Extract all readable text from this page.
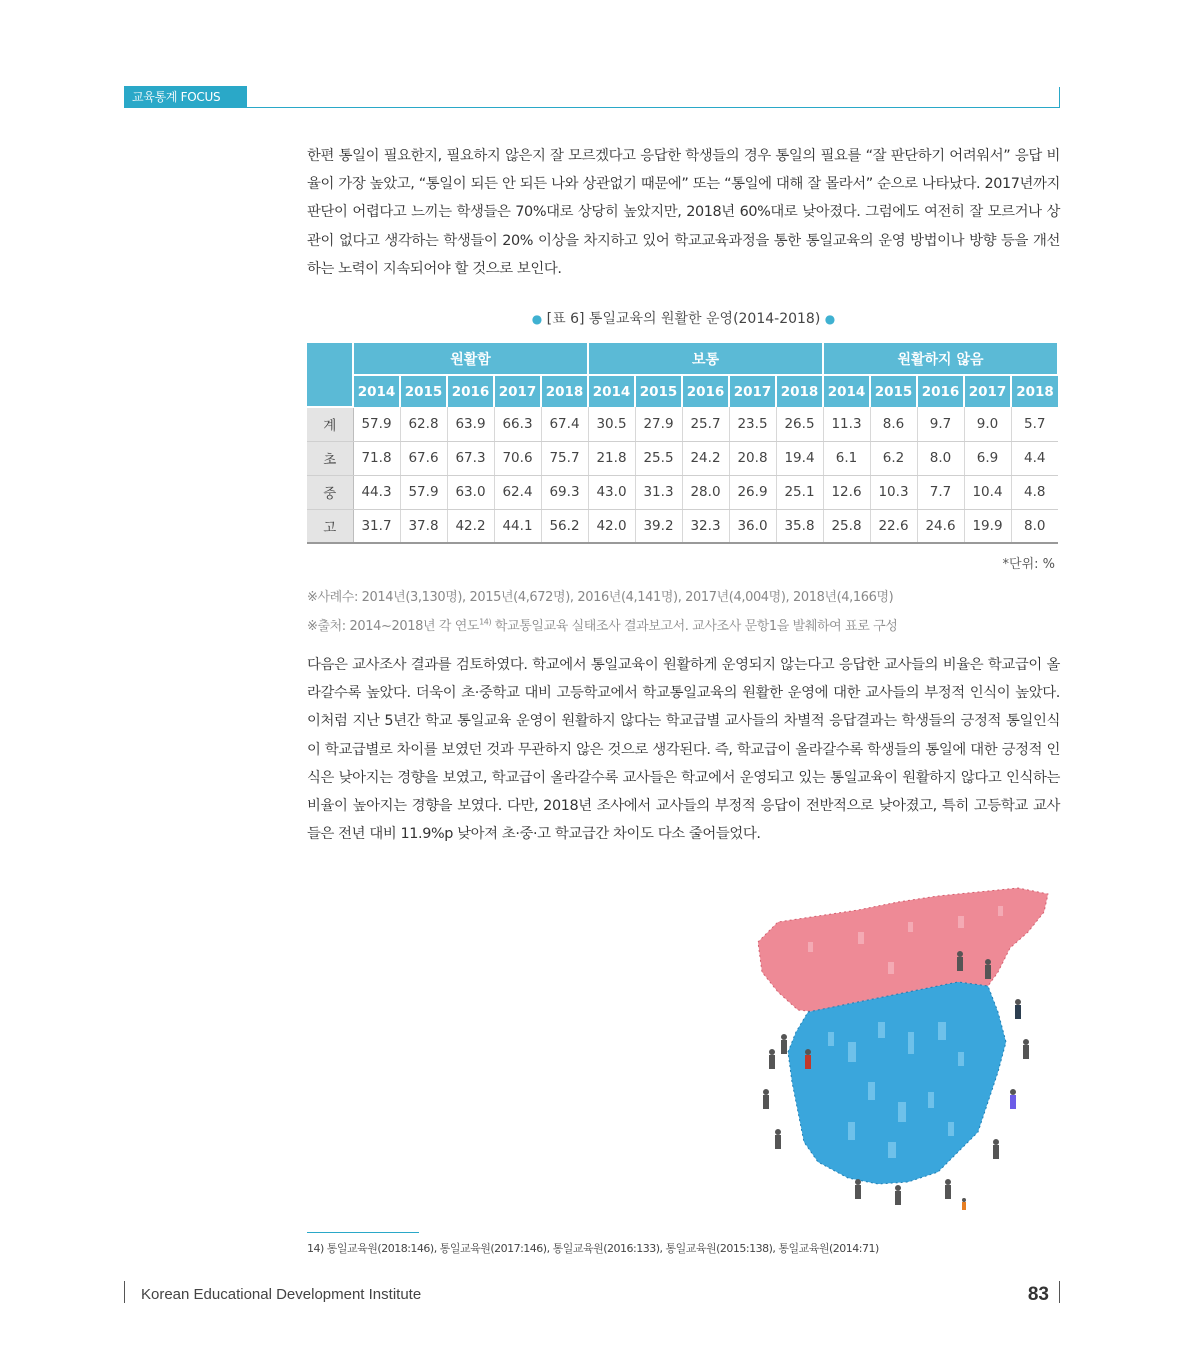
교육통계 FOCUS

한편 통일이 필요한지, 필요하지 않은지 잘 모르겠다고 응답한 학생들의 경우 통일의 필요를 “잘 판단하기 어려워서” 응답 비율이 가장 높았고, “통일이 되든 안 되든 나와 상관없기 때문에” 또는 “통일에 대해 잘 몰라서” 순으로 나타났다. 2017년까지 판단이 어렵다고 느끼는 학생들은 70%대로 상당히 높았지만, 2018년 60%대로 낮아졌다. 그럼에도 여전히 잘 모르거나 상관이 없다고 생각하는 학생들이 20% 이상을 차지하고 있어 학교교육과정을 통한 통일교육의 운영 방법이나 방향 등을 개선하는 노력이 지속되어야 할 것으로 보인다.

● [표 6] 통일교육의 원활한 운영(2014-2018) ●
	원활함					보통					원활하지 않음				
	2014	2015	2016	2017	2018	2014	2015	2016	2017	2018	2014	2015	2016	2017	2018
계	57.9	62.8	63.9	66.3	67.4	30.5	27.9	25.7	23.5	26.5	11.3	8.6	9.7	9.0	5.7
초	71.8	67.6	67.3	70.6	75.7	21.8	25.5	24.2	20.8	19.4	6.1	6.2	8.0	6.9	4.4
중	44.3	57.9	63.0	62.4	69.3	43.0	31.3	28.0	26.9	25.1	12.6	10.3	7.7	10.4	4.8
고	31.7	37.8	42.2	44.1	56.2	42.0	39.2	32.3	36.0	35.8	25.8	22.6	24.6	19.9	8.0
*단위: %
※사례수: 2014년(3,130명), 2015년(4,672명), 2016년(4,141명), 2017년(4,004명), 2018년(4,166명)
※출처: 2014~2018년 각 연도$^{14)}$ 학교통일교육 실태조사 결과보고서. 교사조사 문항1을 발췌하여 표로 구성

다음은 교사조사 결과를 검토하였다. 학교에서 통일교육이 원활하게 운영되지 않는다고 응답한 교사들의 비율은 학교급이 올라갈수록 높았다. 더욱이 초·중학교 대비 고등학교에서 학교통일교육의 원활한 운영에 대한 교사들의 부정적 인식이 높았다. 이처럼 지난 5년간 학교 통일교육 운영이 원활하지 않다는 학교급별 교사들의 차별적 응답결과는 학생들의 긍정적 통일인식이 학교급별로 차이를 보였던 것과 무관하지 않은 것으로 생각된다. 즉, 학교급이 올라갈수록 학생들의 통일에 대한 긍정적 인식은 낮아지는 경향을 보였고, 학교급이 올라갈수록 교사들은 학교에서 운영되고 있는 통일교육이 원활하지 않다고 인식하는 비율이 높아지는 경향을 보였다. 다만, 2018년 조사에서 교사들의 부정적 응답이 전반적으로 낮아졌고, 특히 고등학교 교사들은 전년 대비 11.9%p 낮아져 초·중·고 학교급간 차이도 다소 줄어들었다.

14) 통일교육원(2018:146), 통일교육원(2017:146), 통일교육원(2016:133), 통일교육원(2015:138), 통일교육원(2014:71)
Korean Educational Development Institute	83
